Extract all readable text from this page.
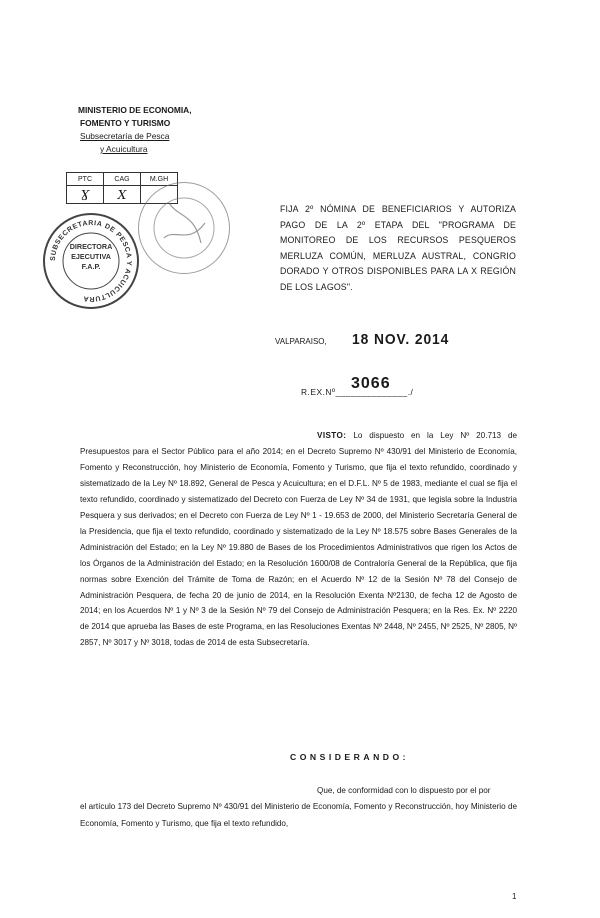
MINISTERIO DE ECONOMIA,
FOMENTO Y TURISMO
Subsecretaría de Pesca
y Acuicultura
PTC	CAG	M.GH
Ɣ	X	
SUBSECRETARIA DE PESCA Y ACUICULTURA
DIRECTORA
EJECUTIVA
F.A.P.
FIJA 2º NÓMINA DE BENEFICIARIOS Y AUTORIZA PAGO DE LA 2º ETAPA DEL "PROGRAMA DE MONITOREO DE LOS RECURSOS PESQUEROS MERLUZA COMÚN, MERLUZA AUSTRAL, CONGRIO DORADO Y OTROS DISPONIBLES PARA LA X REGIÓN DE LOS LAGOS".
VALPARAISO, 18 NOV. 2014
R.EX.Nº______________./
3066
VISTO: Lo dispuesto en la Ley Nº 20.713 de Presupuestos para el Sector Público para el año 2014; en el Decreto Supremo Nº 430/91 del Ministerio de Economía, Fomento y Reconstrucción, hoy Ministerio de Economía, Fomento y Turismo, que fija el texto refundido, coordinado y sistematizado de la Ley Nº 18.892, General de Pesca y Acuicultura; en el D.F.L. Nº 5 de 1983, mediante el cual se fija el texto refundido, coordinado y sistematizado del Decreto con Fuerza de Ley Nº 34 de 1931, que legisla sobre la Industria Pesquera y sus derivados; en el Decreto con Fuerza de Ley Nº 1 - 19.653 de 2000, del Ministerio Secretaría General de la Presidencia, que fija el texto refundido, coordinado y sistematizado de la Ley Nº 18.575 sobre Bases Generales de la Administración del Estado; en la Ley Nº 19.880 de Bases de los Procedimientos Administrativos que rigen los Actos de los Órganos de la Administración del Estado; en la Resolución 1600/08 de Contraloría General de la República, que fija normas sobre Exención del Trámite de Toma de Razón; en el Acuerdo Nº 12 de la Sesión Nº 78 del Consejo de Administración Pesquera, de fecha 20 de junio de 2014, en la Resolución Exenta Nº2130, de fecha 12 de Agosto de 2014; en los Acuerdos Nº 1 y Nº 3 de la Sesión Nº 79 del Consejo de Administración Pesquera; en la Res. Ex. Nº 2220 de 2014 que aprueba las Bases de este Programa, en las Resoluciones Exentas Nº 2448, Nº 2455, Nº 2525, Nº 2805, Nº 2857, Nº 3017 y Nº 3018, todas de 2014 de esta Subsecretaría.
CONSIDERANDO:
Que, de conformidad con lo dispuesto por el por
el artículo 173 del Decreto Supremo Nº 430/91 del Ministerio de Economía, Fomento y Reconstrucción, hoy Ministerio de Economía, Fomento y Turismo, que fija el texto refundido,
1
